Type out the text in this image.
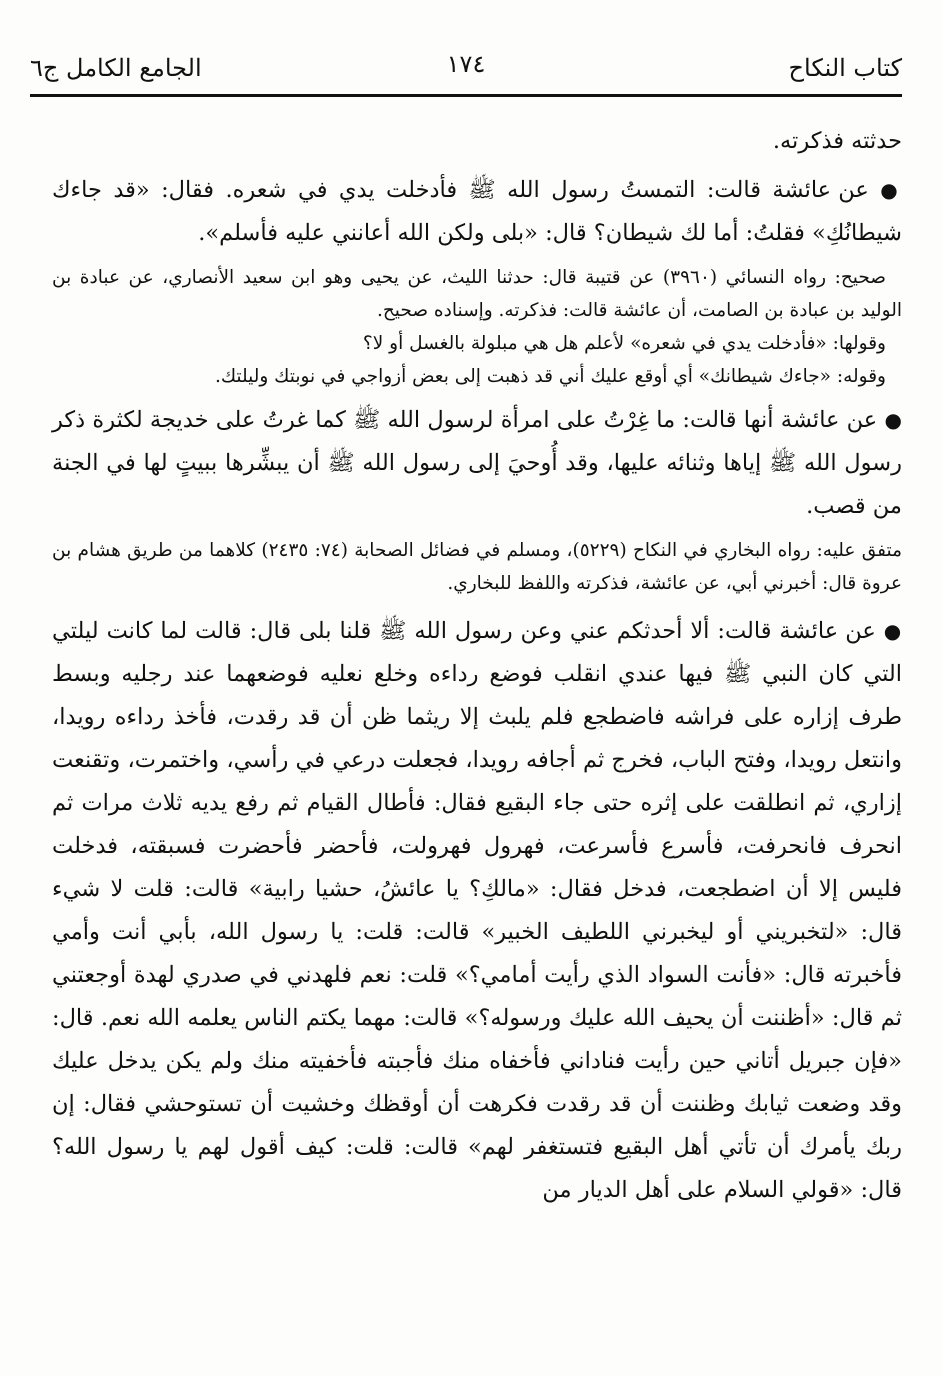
الجامع الكامل ج٦	١٧٤	كتاب النكاح

حدثته فذكرته.

● عن عائشة قالت: التمستُ رسول الله ﷺ فأدخلت يدي في شعره. فقال: «قد جاءك شيطانُكِ» فقلتُ: أما لك شيطان؟ قال: «بلى ولكن الله أعانني عليه فأسلم».

صحيح: رواه النسائي (٣٩٦٠) عن قتيبة قال: حدثنا الليث، عن يحيى وهو ابن سعيد الأنصاري، عن عبادة بن الوليد بن عبادة بن الصامت، أن عائشة قالت: فذكرته. وإسناده صحيح.

وقولها: «فأدخلت يدي في شعره» لأعلم هل هي مبلولة بالغسل أو لا؟

وقوله: «جاءك شيطانك» أي أوقع عليك أني قد ذهبت إلى بعض أزواجي في نوبتك وليلتك.

● عن عائشة أنها قالت: ما غِرْتُ على امرأة لرسول الله ﷺ كما غرتُ على خديجة لكثرة ذكر رسول الله ﷺ إياها وثنائه عليها، وقد أُوحيَ إلى رسول الله ﷺ أن يبشِّرها ببيتٍ لها في الجنة من قصب.

متفق عليه: رواه البخاري في النكاح (٥٢٢٩)، ومسلم في فضائل الصحابة (٧٤: ٢٤٣٥) كلاهما من طريق هشام بن عروة قال: أخبرني أبي، عن عائشة، فذكرته واللفظ للبخاري.

● عن عائشة قالت: ألا أحدثكم عني وعن رسول الله ﷺ قلنا بلى قال: قالت لما كانت ليلتي التي كان النبي ﷺ فيها عندي انقلب فوضع رداءه وخلع نعليه فوضعهما عند رجليه وبسط طرف إزاره على فراشه فاضطجع فلم يلبث إلا ريثما ظن أن قد رقدت، فأخذ رداءه رويدا، وانتعل رويدا، وفتح الباب، فخرج ثم أجافه رويدا، فجعلت درعي في رأسي، واختمرت، وتقنعت إزاري، ثم انطلقت على إثره حتى جاء البقيع فقال: فأطال القيام ثم رفع يديه ثلاث مرات ثم انحرف فانحرفت، فأسرع فأسرعت، فهرول فهرولت، فأحضر فأحضرت فسبقته، فدخلت فليس إلا أن اضطجعت، فدخل فقال: «مالكِ؟ يا عائشُ، حشيا رابية» قالت: قلت لا شيء قال: «لتخبريني أو ليخبرني اللطيف الخبير» قالت: قلت: يا رسول الله، بأبي أنت وأمي فأخبرته قال: «فأنت السواد الذي رأيت أمامي؟» قلت: نعم فلهدني في صدري لهدة أوجعتني ثم قال: «أظننت أن يحيف الله عليك ورسوله؟» قالت: مهما يكتم الناس يعلمه الله نعم. قال: «فإن جبريل أتاني حين رأيت فناداني فأخفاه منك فأجبته فأخفيته منك ولم يكن يدخل عليك وقد وضعت ثيابك وظننت أن قد رقدت فكرهت أن أوقظك وخشيت أن تستوحشي فقال: إن ربك يأمرك أن تأتي أهل البقيع فتستغفر لهم» قالت: قلت: كيف أقول لهم يا رسول الله؟ قال: «قولي السلام على أهل الديار من
